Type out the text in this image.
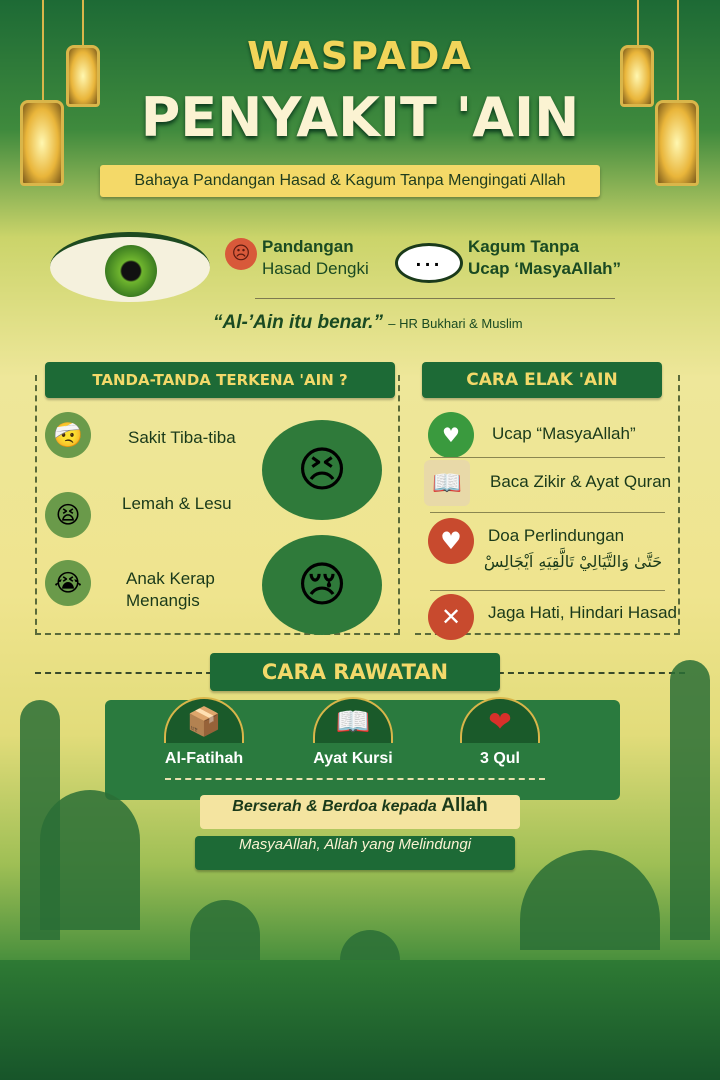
WASPADA
PENYAKIT 'AIN
Bahaya Pandangan Hasad & Kagum Tanpa Mengingati Allah
☹ Pandangan
Hasad Dengki	...
Kagum Tanpa
Ucap ‘MasyaAllah”
“Al-’Ain itu benar.” – HR Bukhari & Muslim
TANDA-TANDA TERKENA 'AIN ?
🤕	Sakit Tiba-tiba
😫	Lemah & Lesu
😭	Anak Kerap
Menangis
😣
😢
CARA ELAK 'AIN
♥	Ucap “MasyaAllah”
📖	Baca Zikir & Ayat Quran
♥	Doa Perlindungan
حَتَّىٰ وَالتَّيَالِيْ تَالَّقِيَهِ اَيْجَالِسْ
✕	Jaga Hati, Hindari Hasad
CARA RAWATAN
📦	📖	❤
Al-Fatihah	Ayat Kursi	3 Qul
Berserah & Berdoa kepada Allah
MasyaAllah, Allah yang Melindungi
